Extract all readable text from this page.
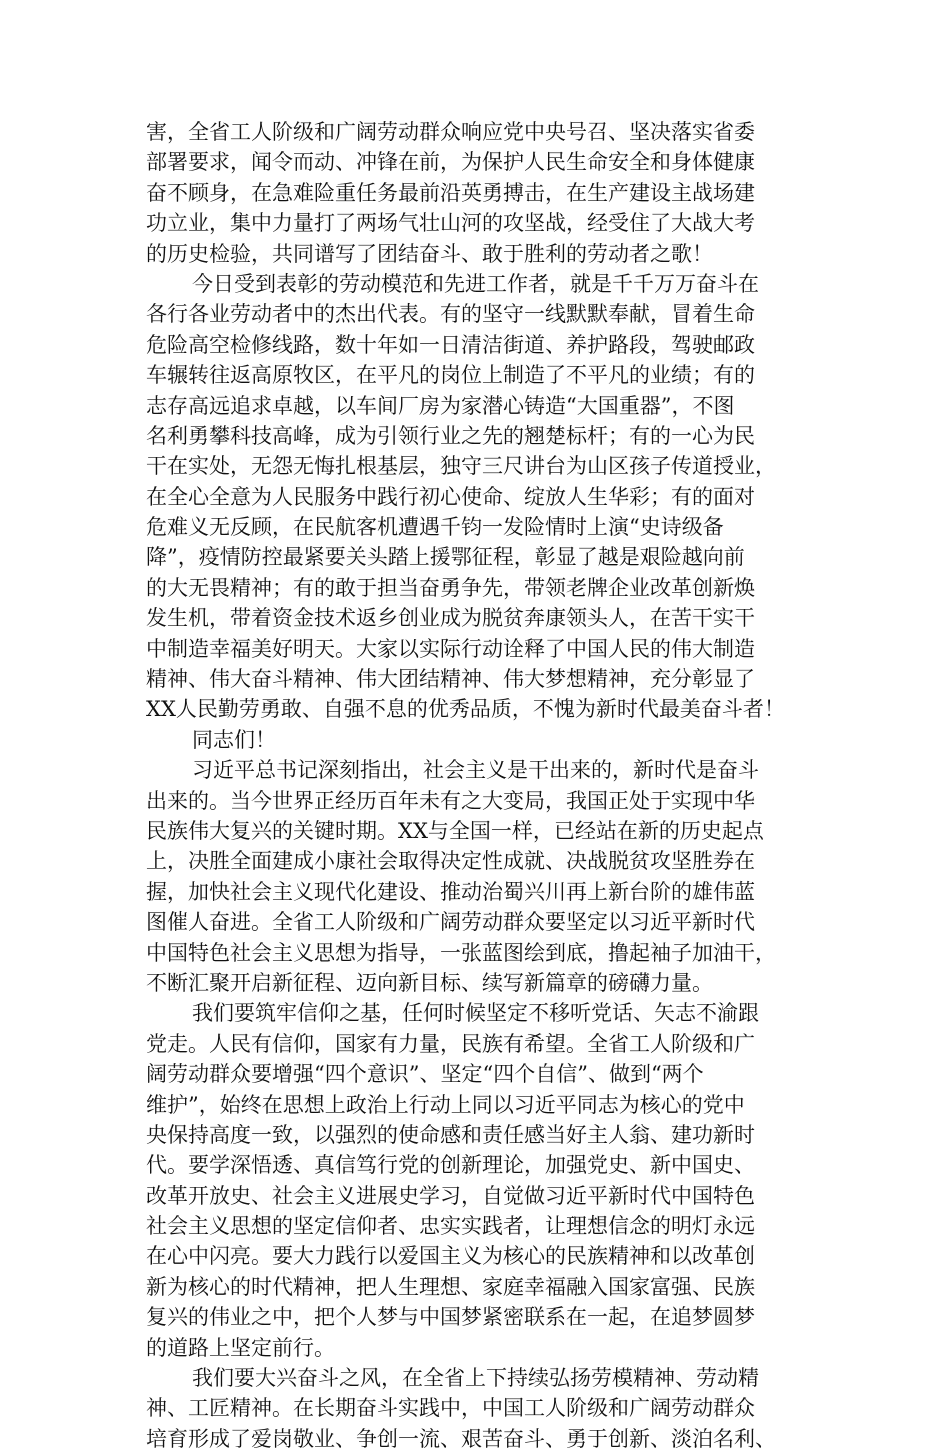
害，全省工人阶级和广阔劳动群众响应党中央号召、坚决落实省委
部署要求，闻令而动、冲锋在前，为保护人民生命安全和身体健康
奋不顾身，在急难险重任务最前沿英勇搏击，在生产建设主战场建
功立业，集中力量打了两场气壮山河的攻坚战，经受住了大战大考
的历史检验，共同谱写了团结奋斗、敢于胜利的劳动者之歌！
今日受到表彰的劳动模范和先进工作者，就是千千万万奋斗在
各行各业劳动者中的杰出代表。有的坚守一线默默奉献，冒着生命
危险高空检修线路，数十年如一日清洁街道、养护路段，驾驶邮政
车辗转往返高原牧区，在平凡的岗位上制造了不平凡的业绩；有的
志存高远追求卓越，以车间厂房为家潜心铸造“大国重器”，不图
名利勇攀科技高峰，成为引领行业之先的翘楚标杆；有的一心为民
干在实处，无怨无悔扎根基层，独守三尺讲台为山区孩子传道授业，
在全心全意为人民服务中践行初心使命、绽放人生华彩；有的面对
危难义无反顾，在民航客机遭遇千钧一发险情时上演“史诗级备
降”，疫情防控最紧要关头踏上援鄂征程，彰显了越是艰险越向前
的大无畏精神；有的敢于担当奋勇争先，带领老牌企业改革创新焕
发生机，带着资金技术返乡创业成为脱贫奔康领头人，在苦干实干
中制造幸福美好明天。大家以实际行动诠释了中国人民的伟大制造
精神、伟大奋斗精神、伟大团结精神、伟大梦想精神，充分彰显了
XX人民勤劳勇敢、自强不息的优秀品质，不愧为新时代最美奋斗者！
同志们！
习近平总书记深刻指出，社会主义是干出来的，新时代是奋斗
出来的。当今世界正经历百年未有之大变局，我国正处于实现中华
民族伟大复兴的关键时期。XX与全国一样，已经站在新的历史起点
上，决胜全面建成小康社会取得决定性成就、决战脱贫攻坚胜券在
握，加快社会主义现代化建设、推动治蜀兴川再上新台阶的雄伟蓝
图催人奋进。全省工人阶级和广阔劳动群众要坚定以习近平新时代
中国特色社会主义思想为指导，一张蓝图绘到底，撸起袖子加油干，
不断汇聚开启新征程、迈向新目标、续写新篇章的磅礴力量。
我们要筑牢信仰之基，任何时候坚定不移听党话、矢志不渝跟
党走。人民有信仰，国家有力量，民族有希望。全省工人阶级和广
阔劳动群众要增强“四个意识”、坚定“四个自信”、做到“两个
维护”，始终在思想上政治上行动上同以习近平同志为核心的党中
央保持高度一致，以强烈的使命感和责任感当好主人翁、建功新时
代。要学深悟透、真信笃行党的创新理论，加强党史、新中国史、
改革开放史、社会主义进展史学习，自觉做习近平新时代中国特色
社会主义思想的坚定信仰者、忠实实践者，让理想信念的明灯永远
在心中闪亮。要大力践行以爱国主义为核心的民族精神和以改革创
新为核心的时代精神，把人生理想、家庭幸福融入国家富强、民族
复兴的伟业之中，把个人梦与中国梦紧密联系在一起，在追梦圆梦
的道路上坚定前行。
我们要大兴奋斗之风，在全省上下持续弘扬劳模精神、劳动精
神、工匠精神。在长期奋斗实践中，中国工人阶级和广阔劳动群众
培育形成了爱岗敬业、争创一流、艰苦奋斗、勇于创新、淡泊名利、
